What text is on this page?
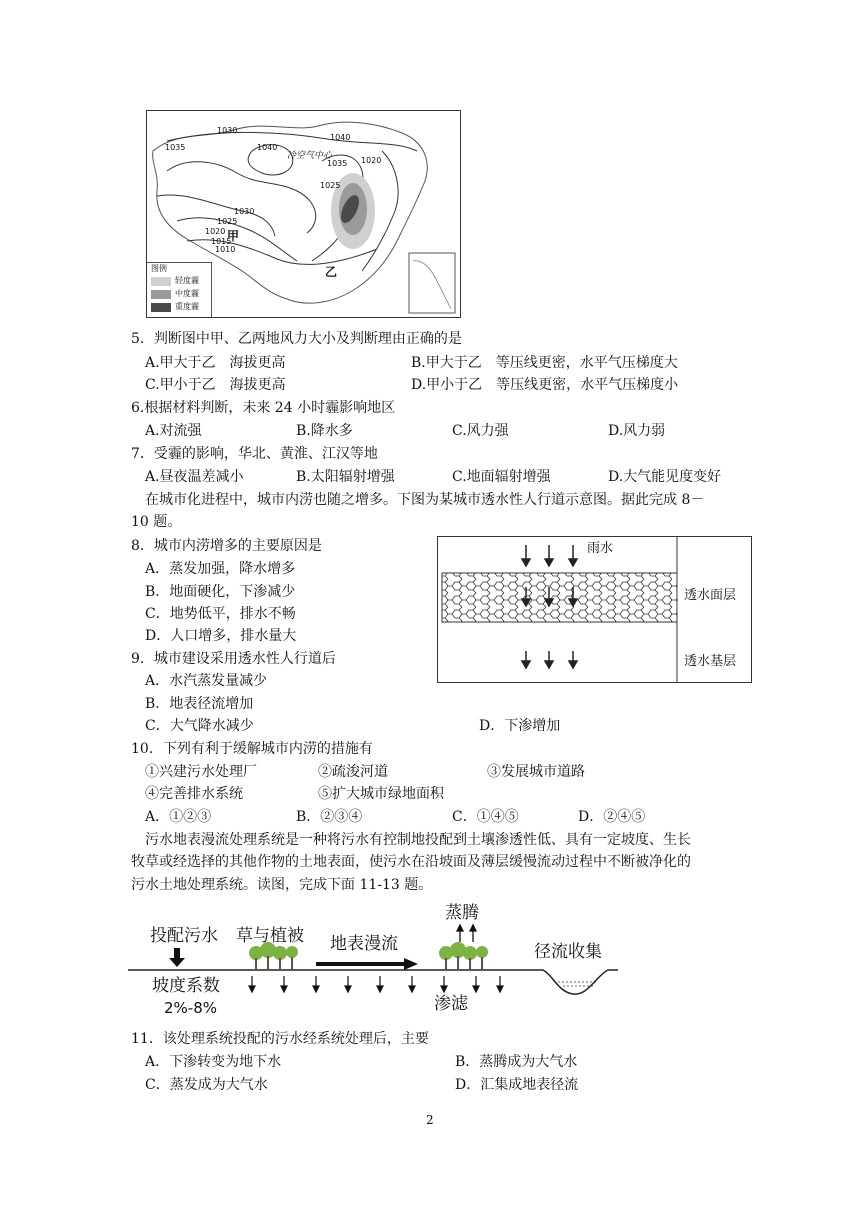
1030
1040
1035
1040
1035
1025
1020
1025
1030
1020
1015
1010
冷空气中心
甲
乙
图例
轻度霾
中度霾
重度霾
5．判断图中甲、乙两地风力大小及判断理由正确的是
A.甲大于乙　海拔更高	B.甲大于乙　等压线更密，水平气压梯度大
C.甲小于乙　海拔更高	D.甲小于乙　等压线更密，水平气压梯度小
6.根据材料判断，未来 24 小时霾影响地区
A.对流强	B.降水多	C.风力强	D.风力弱
7．受霾的影响，华北、黄淮、江汉等地
A.昼夜温差减小	B.太阳辐射增强	C.地面辐射增强	D.大气能见度变好
在城市化进程中，城市内涝也随之增多。下图为某城市透水性人行道示意图。据此完成 8－
10 题。
8．城市内涝增多的主要原因是
A．蒸发加强，降水增多
B．地面硬化，下渗减少
C．地势低平，排水不畅
D．人口增多，排水量大
雨水
透水面层
透水基层
9．城市建设采用透水性人行道后
A．水汽蒸发量减少
B．地表径流增加
C．大气降水减少	D．下渗增加
10．下列有利于缓解城市内涝的措施有
①兴建污水处理厂	②疏浚河道	③发展城市道路
④完善排水系统	⑤扩大城市绿地面积
A．①②③	B．②③④	C．①④⑤	D．②④⑤
污水地表漫流处理系统是一种将污水有控制地投配到土壤渗透性低、具有一定坡度、生长
牧草或经选择的其他作物的土地表面，使污水在沿坡面及薄层缓慢流动过程中不断被净化的
污水土地处理系统。读图，完成下面 11-13 题。
投配污水 草与植被 地表漫流
蒸腾
径流收集
坡度系数
2%-8%	渗滤
11．该处理系统投配的污水经系统处理后，主要
A．下渗转变为地下水	B．蒸腾成为大气水
C．蒸发成为大气水	D．汇集成地表径流
2
